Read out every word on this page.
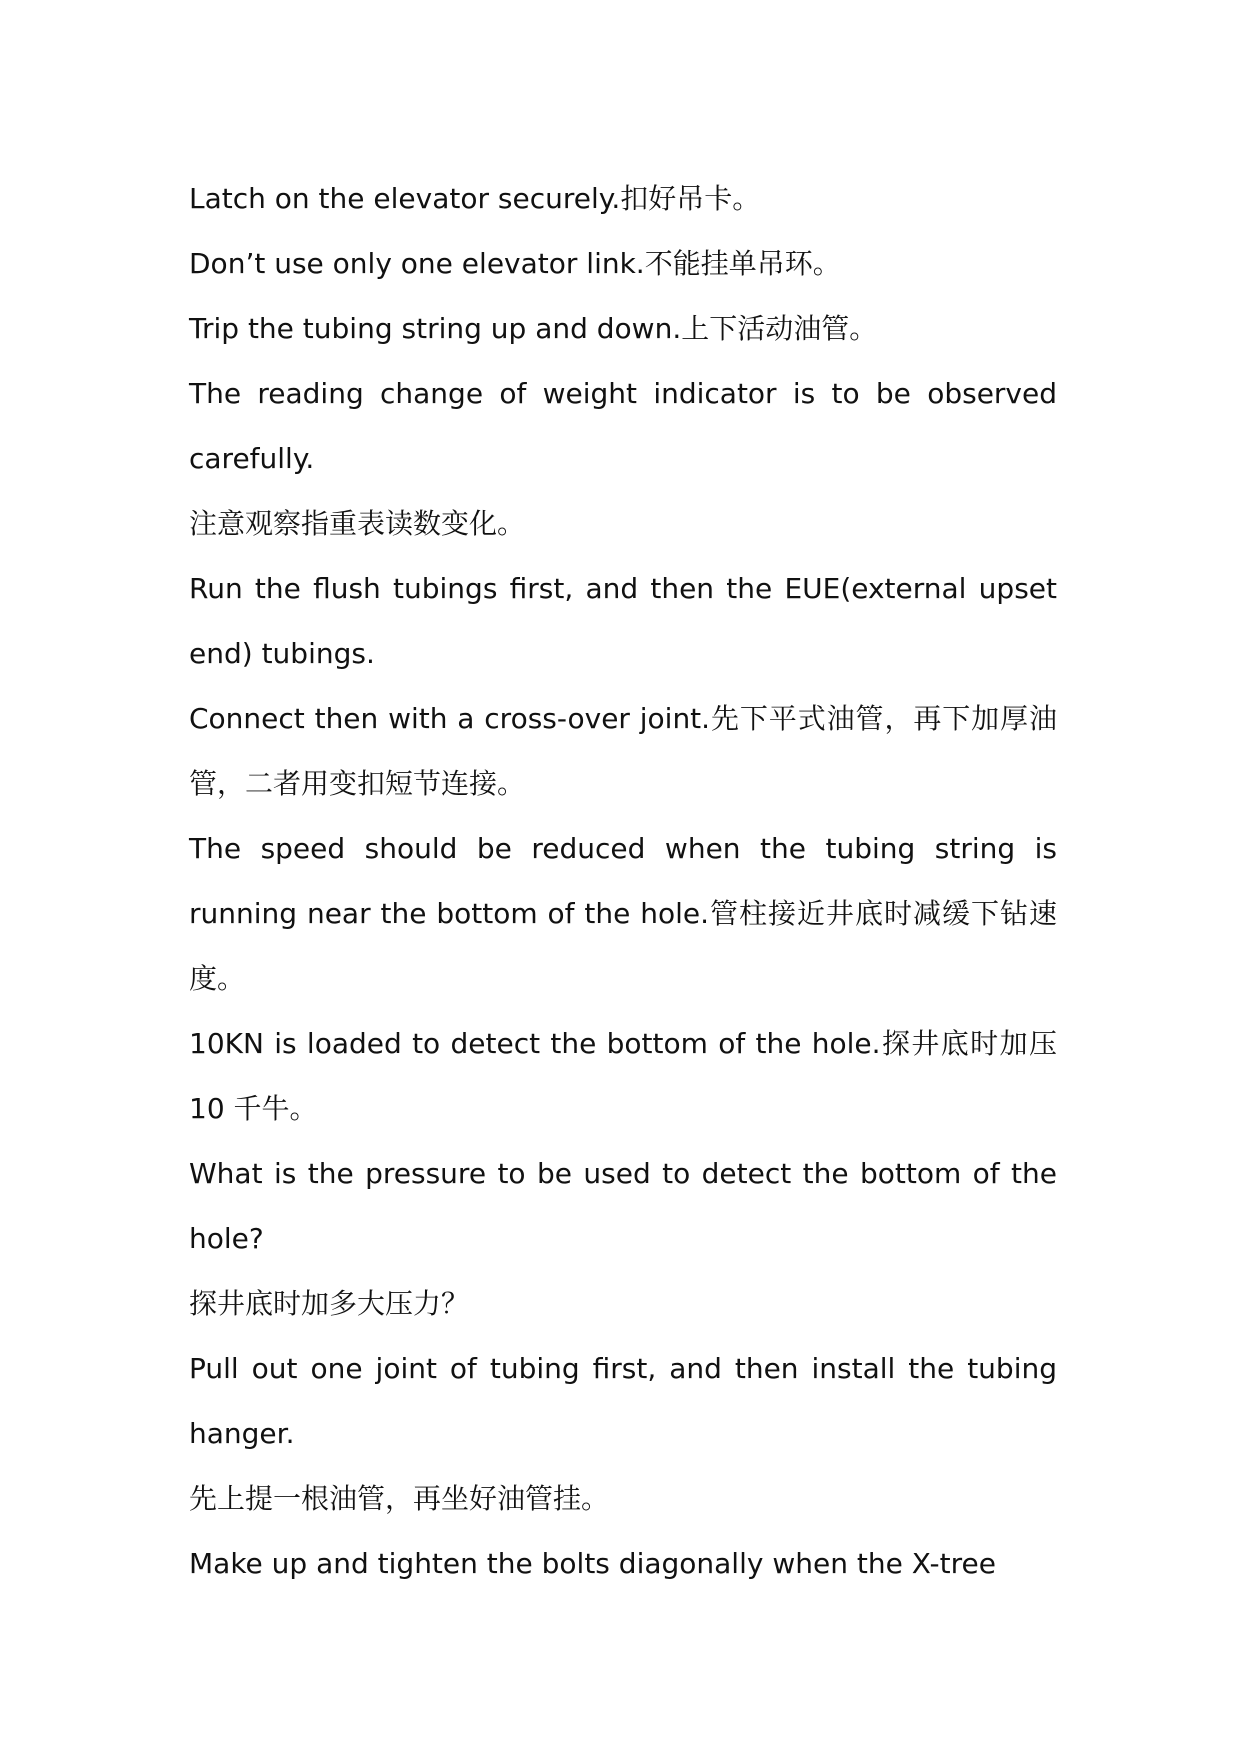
Latch on the elevator securely.扣好吊卡。

Don’t use only one elevator link.不能挂单吊环。

Trip the tubing string up and down.上下活动油管。

The reading change of weight indicator is to be observed carefully.

注意观察指重表读数变化。

Run the flush tubings first, and then the EUE(external upset end) tubings.

Connect then with a cross-over joint.先下平式油管，再下加厚油管，二者用变扣短节连接。

The speed should be reduced when the tubing string is running near the bottom of the hole.管柱接近井底时减缓下钻速度。

10KN is loaded to detect the bottom of the hole.探井底时加压 10 千牛。

What is the pressure to be used to detect the bottom of the hole?

探井底时加多大压力？

Pull out one joint of tubing first, and then install the tubing hanger.

先上提一根油管，再坐好油管挂。

Make up and tighten the bolts diagonally when the X-tree
